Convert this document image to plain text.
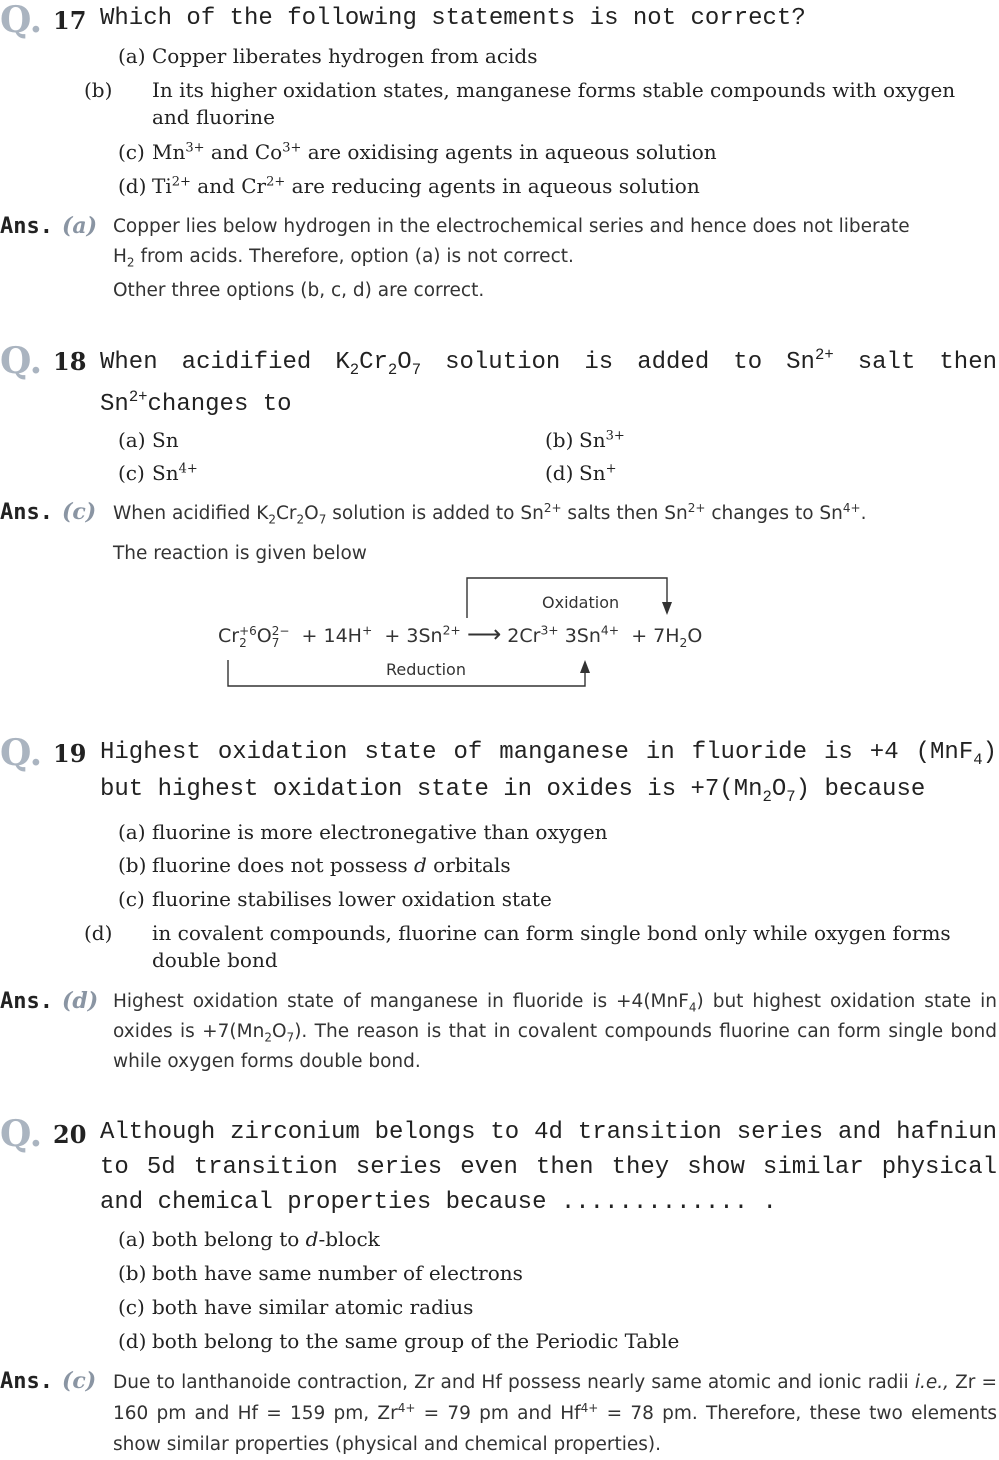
Q. 17 Which of the following statements is not correct?
(a) Copper liberates hydrogen from acids
(b) In its higher oxidation states, manganese forms stable compounds with oxygen and fluorine
(c) $Mn^{3+}$ and $Co^{3+}$ are oxidising agents in aqueous solution
(d) $Ti^{2+}$ and $Cr^{2+}$ are reducing agents in aqueous solution
Ans. (a) Copper lies below hydrogen in the electrochemical series and hence does not liberate
$H_2$ from acids. Therefore, option (a) is not correct.
Other three options (b, c, d) are correct.
Q. 18 When acidified $K_2Cr_2O_7$ solution is added to $Sn^{2+}$ salt then $Sn^{2+}changes$ to
(a) Sn	(b) $Sn^{3+}$
(c) $Sn^{4+}$	(d) Sn+
Ans. (c) When acidified $K_2Cr_2O_7$ solution is added to $Sn^{2+}$ salts then $Sn^{2+}$ changes to $Sn^{4+}$.
The reaction is given below
Oxidation
Reduction
Cr +6
2 O 2−
7	+ $14H^+ + 3Sn^{2+}$ ⟶ $2Cr^{3+}$ $3Sn^{4+} + 7H_2O$
Q. 19 Highest oxidation state of manganese in fluoride is +4 (MnF$_4$) but highest oxidation state in oxides is $+7(Mn_2O_7)$ because
(a) fluorine is more electronegative than oxygen
(b) fluorine does not possess d orbitals
(c) fluorine stabilises lower oxidation state
(d) in covalent compounds, fluorine can form single bond only while oxygen forms double bond
Ans. (d) Highest oxidation state of manganese in fluoride is +4(MnF$_4$) but highest oxidation state in oxides is $+7(Mn_2O_7)$. The reason is that in covalent compounds fluorine can form single bond while oxygen forms double bond.
Q. 20 Although zirconium belongs to 4d transition series and hafniun to 5d transition series even then they show similar physical and chemical properties because ............. .
(a) both belong to d-block
(b) both have same number of electrons
(c) both have similar atomic radius
(d) both belong to the same group of the Periodic Table
Ans. (c) Due to lanthanoide contraction, Zr and Hf possess nearly same atomic and ionic radii i.e., Zr = 160 pm and Hf = 159 pm, $Zr^{4+} = 79$ pm and $Hf^{4+} = 78$ pm. Therefore, these two elements show similar properties (physical and chemical properties).
